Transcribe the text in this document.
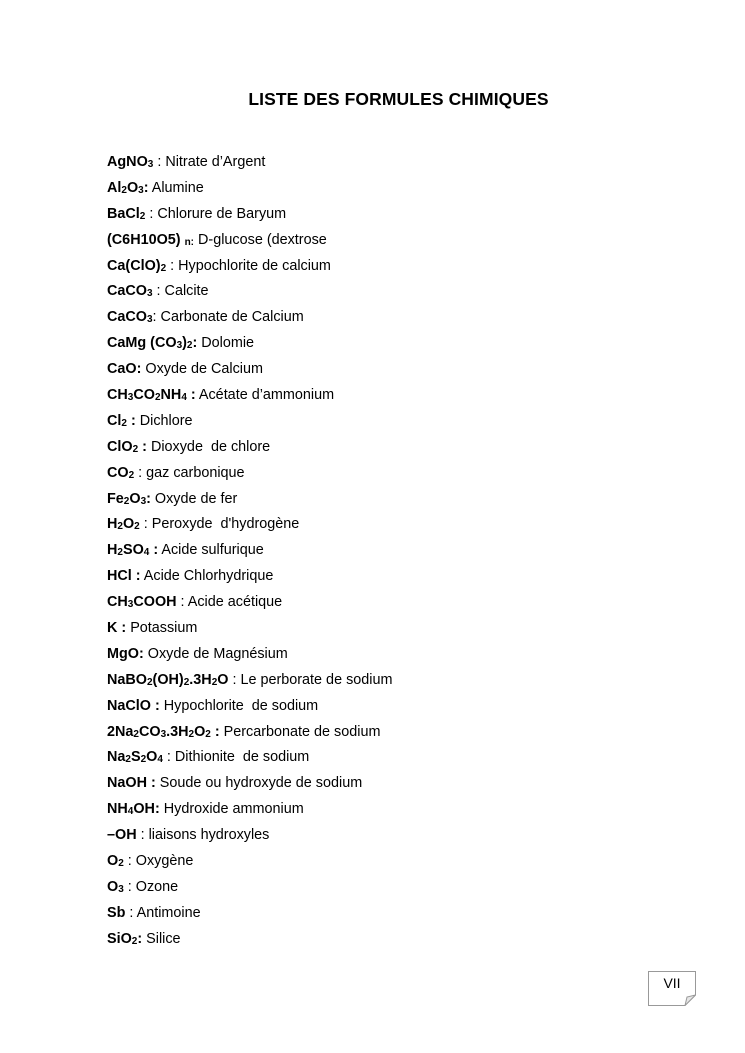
LISTE DES FORMULES CHIMIQUES
AgNO3 : Nitrate d’Argent
Al2O3: Alumine
BaCl2 : Chlorure de Baryum
(C6H10O5) n: D-glucose (dextrose
Ca(ClO)2 : Hypochlorite de calcium
CaCO3 : Calcite
CaCO3: Carbonate de Calcium
CaMg (CO3)2: Dolomie
CaO: Oxyde de Calcium
CH3CO2NH4 : Acétate d’ammonium
Cl2 : Dichlore
ClO2 : Dioxyde  de chlore
CO2 : gaz carbonique
Fe2O3: Oxyde de fer
H2O2 : Peroxyde  d'hydrogène
H2SO4 : Acide sulfurique
HCl : Acide Chlorhydrique
CH3COOH : Acide acétique
K : Potassium
MgO: Oxyde de Magnésium
NaBO2(OH)2.3H2O : Le perborate de sodium
NaClO : Hypochlorite  de sodium
2Na2CO3.3H2O2 : Percarbonate de sodium
Na2S2O4 : Dithionite  de sodium
NaOH : Soude ou hydroxyde de sodium
NH4OH: Hydroxide ammonium
–OH : liaisons hydroxyles
O2 : Oxygène
O3 : Ozone
Sb : Antimoine
SiO2: Silice
VII
